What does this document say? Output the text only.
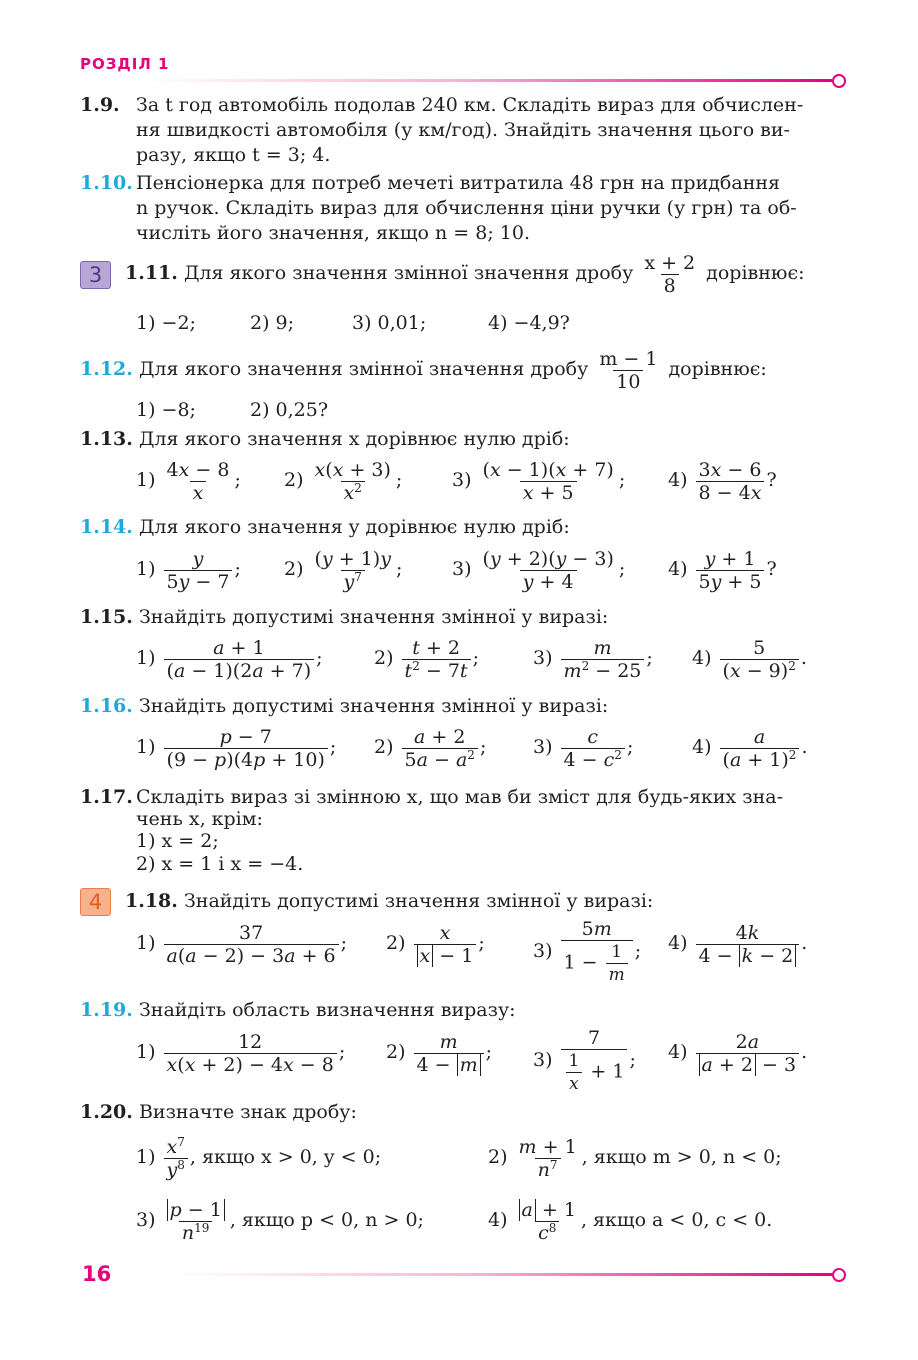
РОЗДІЛ 1
1.9. За t год автомобіль подолав 240 км. Складіть вираз для обчислен-
ня швидкості автомобіля (у км/год). Знайдіть значення цього ви-
разу, якщо t = 3; 4.
1.10. Пенсіонерка для потреб мечеті витратила 48 грн на придбання
n ручок. Складіть вираз для обчислення ціни ручки (у грн) та об-
числіть його значення, якщо n = 8; 10.
3	1.11. Для якого значення змінної значення дробу $\frac{x + 2}{8}$ дорівнює:
1) −2;	2) 9;	3) 0,01;	4) −4,9?
1.12. Для якого значення змінної значення дробу $\frac{m - 1}{10}$ дорівнює:
1) −8;	2) 0,25?
1.13. Для якого значення x дорівнює нулю дріб:
$1) \frac{4x - 8}{x}$ ; $2) \frac{x(x + 3)}{x^2}$ ;	$3) \frac{(x - 1)(x + 7)}{x + 5}$ ; $4) \frac{3x - 6}{8 - 4x}$ ?
1.14. Для якого значення y дорівнює нулю дріб:
$1) \frac{y}{5y - 7}$ ; $2) \frac{(y + 1)y}{y^7}$ ;	$3) \frac{(y + 2)(y - 3)}{y + 4}$ ; $4) \frac{y + 1}{5y + 5}$ ?
1.15. Знайдіть допустимі значення змінної у виразі:
$1) \frac{a + 1}{(a - 1)(2a + 7)}$ ;	$2) \frac{t + 2}{t^2 - 7t}$ ;	$3) \frac{m}{m^2 - 25}$ ; $4) \frac{5}{(x - 9)^2}$ .
1.16. Знайдіть допустимі значення змінної у виразі:
$1) \frac{p - 7}{(9 - p)(4p + 10)}$ ; $2) \frac{a + 2}{5a - a^2}$ ; $3) \frac{c}{4 - c^2}$ ;	$4) \frac{a}{(a + 1)^2}$ .
1.17. Складіть вираз зі змінною x, що мав би зміст для будь-яких зна-
чень x, крім:
1) x = 2;
2) x = 1 і x = −4.
4	1.18. Знайдіть допустимі значення змінної у виразі:
$1) \frac{37}{a(a - 2) - 3a + 6}$ ; $2) \frac{x}{x - 1}$ ;	$3) \frac{5m}{1 - \frac{1}{m}}$ ; $4) \frac{4k}{4 - k - 2}$ .
1.19. Знайдіть область визначення виразу:
$1) \frac{12}{x(x + 2) - 4x - 8}$ ; $2) \frac{m}{4 - m}$ ; $3) \frac{7}{\frac{1}{x} + 1}$ ; $4) \frac{2a}{a + 2 - 3}$ .
1.20. Визначте знак дробу:
$1) \frac{x^7}{y^8}$ , якщо x > 0, y < 0;	$2) \frac{m + 1}{n^7}$ , якщо m > 0, n < 0;
$3) \frac{p - 1}{n^{19}}$ , якщо p < 0, n > 0;	$4) \frac{a + 1}{c^8}$ , якщо a < 0, c < 0.
16
